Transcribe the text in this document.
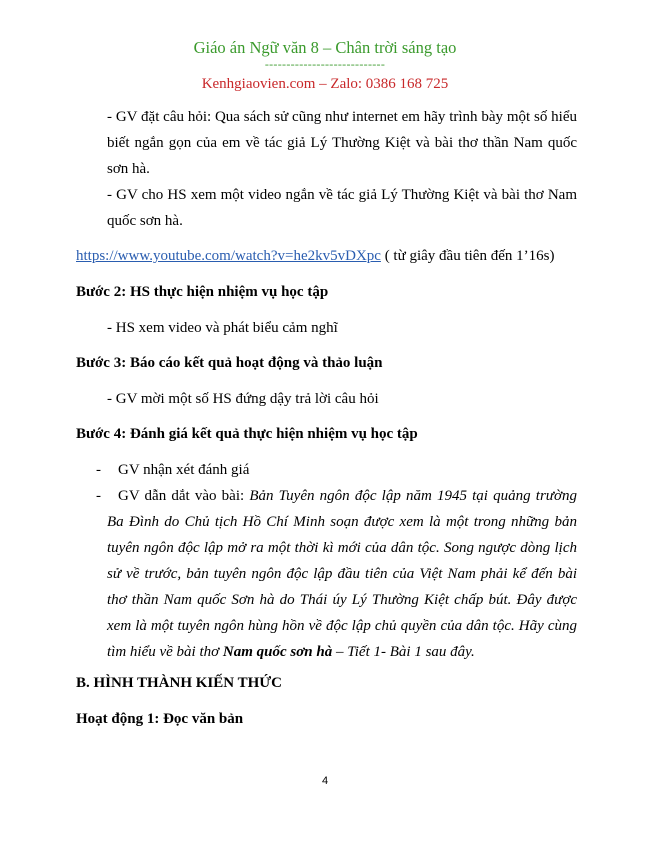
Giáo án Ngữ văn 8 – Chân trời sáng tạo
----------------------------
Kenhgiaovien.com – Zalo: 0386 168 725
- GV đặt câu hỏi: Qua sách sử cũng như internet em hãy trình bày một số hiểu biết ngắn gọn của em về tác giả Lý Thường Kiệt và bài thơ thần Nam quốc sơn hà.
- GV cho HS xem một video ngắn về tác giả Lý Thường Kiệt và bài thơ Nam quốc sơn hà.
https://www.youtube.com/watch?v=he2kv5vDXpc ( từ giây đầu tiên đến 1’16s)
Bước 2: HS thực hiện nhiệm vụ học tập
- HS xem video và phát biểu cảm nghĩ
Bước 3: Báo cáo kết quả hoạt động và thảo luận
- GV mời một số HS đứng dậy trả lời câu hỏi
Bước 4: Đánh giá kết quả thực hiện nhiệm vụ học tập
- GV nhận xét đánh giá
-	GV dẫn dắt vào bài: Bản Tuyên ngôn độc lập năm 1945 tại quảng trường Ba Đình do Chủ tịch Hồ Chí Minh soạn được xem là một trong những bản tuyên ngôn độc lập mở ra một thời kì mới của dân tộc. Song ngược dòng lịch sử về trước, bản tuyên ngôn độc lập đầu tiên của Việt Nam phải kể đến bài thơ thần Nam quốc Sơn hà do Thái úy Lý Thường Kiệt chấp bút. Đây được xem là một tuyên ngôn hùng hồn về độc lập chủ quyền của dân tộc. Hãy cùng tìm hiểu về bài thơ Nam quốc sơn hà – Tiết 1- Bài 1 sau đây.
B. HÌNH THÀNH KIẾN THỨC
Hoạt động 1: Đọc văn bản
4
